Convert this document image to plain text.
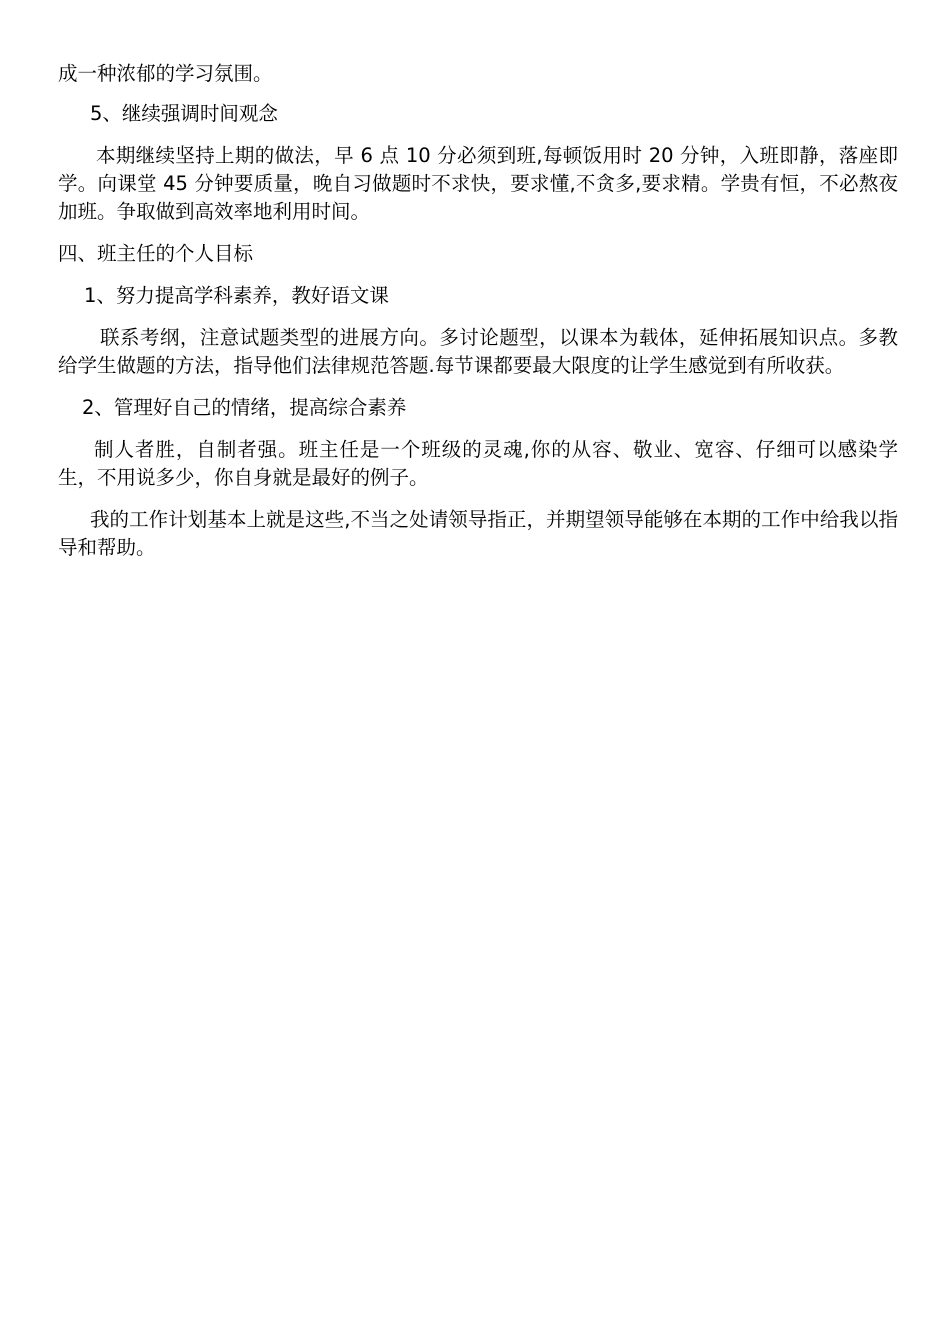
成一种浓郁的学习氛围。

5、继续强调时间观念

本期继续坚持上期的做法，早 6 点 10 分必须到班,每顿饭用时 20 分钟，入班即静，落座即学。向课堂 45 分钟要质量，晚自习做题时不求快，要求懂,不贪多,要求精。学贵有恒，不必熬夜加班。争取做到高效率地利用时间。

四、班主任的个人目标

1、努力提高学科素养，教好语文课

联系考纲，注意试题类型的进展方向。多讨论题型，以课本为载体，延伸拓展知识点。多教给学生做题的方法，指导他们法律规范答题.每节课都要最大限度的让学生感觉到有所收获。

2、管理好自己的情绪，提高综合素养

制人者胜，自制者强。班主任是一个班级的灵魂,你的从容、敬业、宽容、仔细可以感染学生，不用说多少，你自身就是最好的例子。

我的工作计划基本上就是这些,不当之处请领导指正，并期望领导能够在本期的工作中给我以指导和帮助。
